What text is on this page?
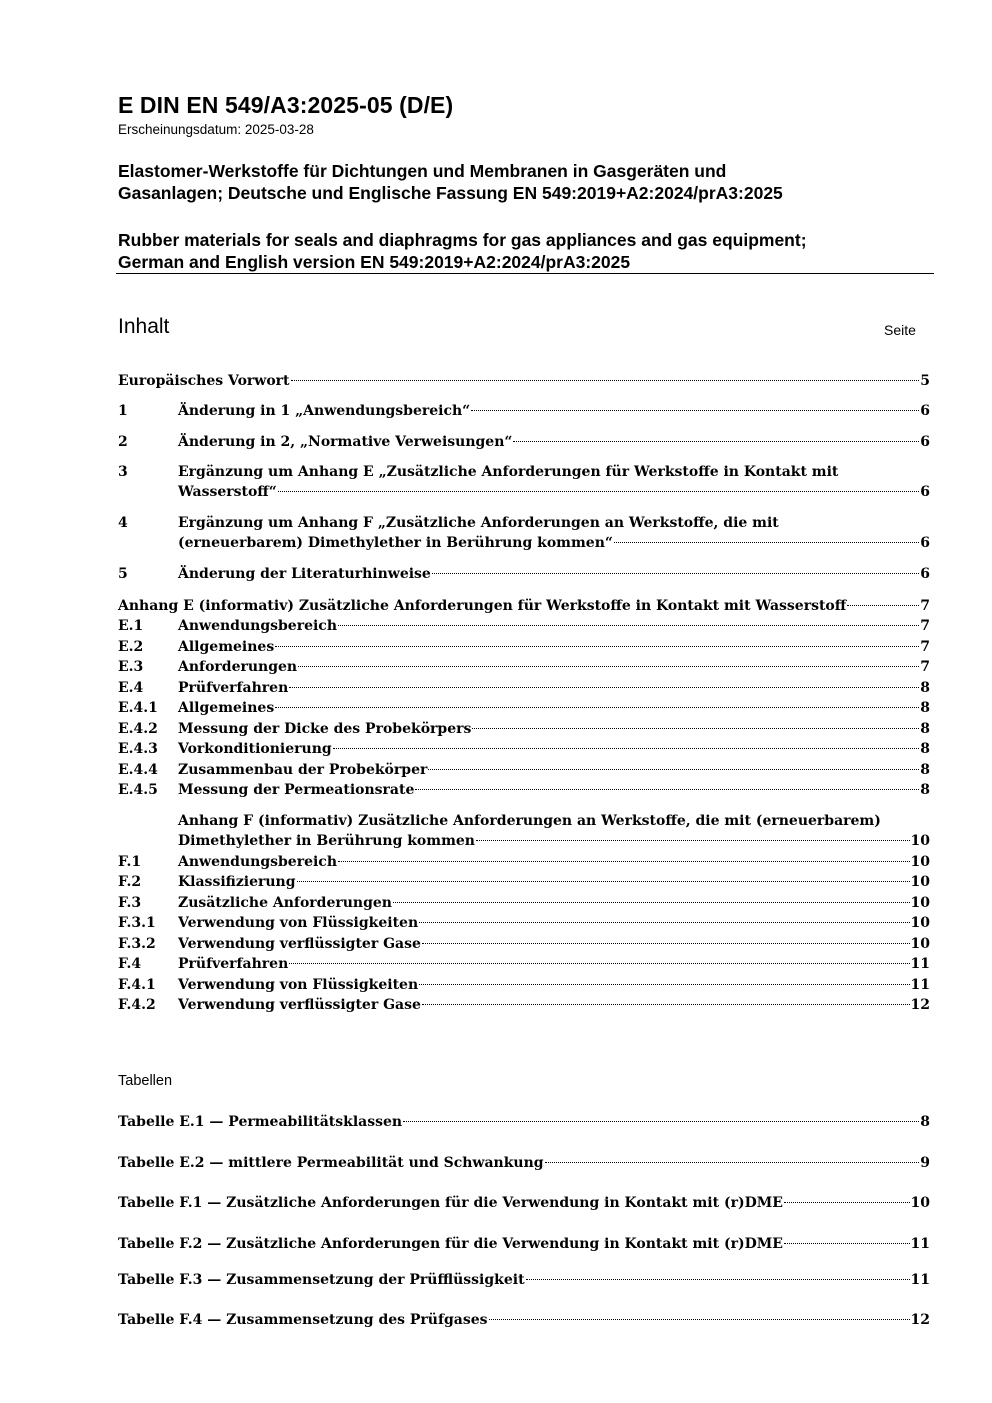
E DIN EN 549/A3:2025-05 (D/E)
Erscheinungsdatum: 2025-03-28
Elastomer-Werkstoffe für Dichtungen und Membranen in Gasgeräten und
Gasanlagen; Deutsche und Englische Fassung EN 549:2019+A2:2024/prA3:2025
Rubber materials for seals and diaphragms for gas appliances and gas equipment;
German and English version EN 549:2019+A2:2024/prA3:2025
Inhalt	Seite
Europäisches Vorwort	5
1	Änderung in 1 „Anwendungsbereich“	6
2	Änderung in 2, „Normative Verweisungen“	6
3	Ergänzung um Anhang E „Zusätzliche Anforderungen für Werkstoffe in Kontakt mit
Wasserstoff“	6
4	Ergänzung um Anhang F „Zusätzliche Anforderungen an Werkstoffe, die mit
(erneuerbarem) Dimethylether in Berührung kommen“	6
5	Änderung der Literaturhinweise	6
Anhang E (informativ) Zusätzliche Anforderungen für Werkstoffe in Kontakt mit Wasserstoff	7
E.1	Anwendungsbereich	7
E.2	Allgemeines	7
E.3	Anforderungen	7
E.4	Prüfverfahren	8
E.4.1	Allgemeines	8
E.4.2	Messung der Dicke des Probekörpers	8
E.4.3	Vorkonditionierung	8
E.4.4	Zusammenbau der Probekörper	8
E.4.5	Messung der Permeationsrate	8
Anhang F (informativ) Zusätzliche Anforderungen an Werkstoffe, die mit (erneuerbarem)
Dimethylether in Berührung kommen	10
F.1	Anwendungsbereich	10
F.2	Klassifizierung	10
F.3	Zusätzliche Anforderungen	10
F.3.1	Verwendung von Flüssigkeiten	10
F.3.2	Verwendung verflüssigter Gase	10
F.4	Prüfverfahren	11
F.4.1	Verwendung von Flüssigkeiten	11
F.4.2	Verwendung verflüssigter Gase	12
Tabellen
Tabelle E.1 — Permeabilitätsklassen	8
Tabelle E.2 — mittlere Permeabilität und Schwankung	9
Tabelle F.1 — Zusätzliche Anforderungen für die Verwendung in Kontakt mit (r)DME	10
Tabelle F.2 — Zusätzliche Anforderungen für die Verwendung in Kontakt mit (r)DME	11
Tabelle F.3 — Zusammensetzung der Prüfflüssigkeit	11
Tabelle F.4 — Zusammensetzung des Prüfgases	12
